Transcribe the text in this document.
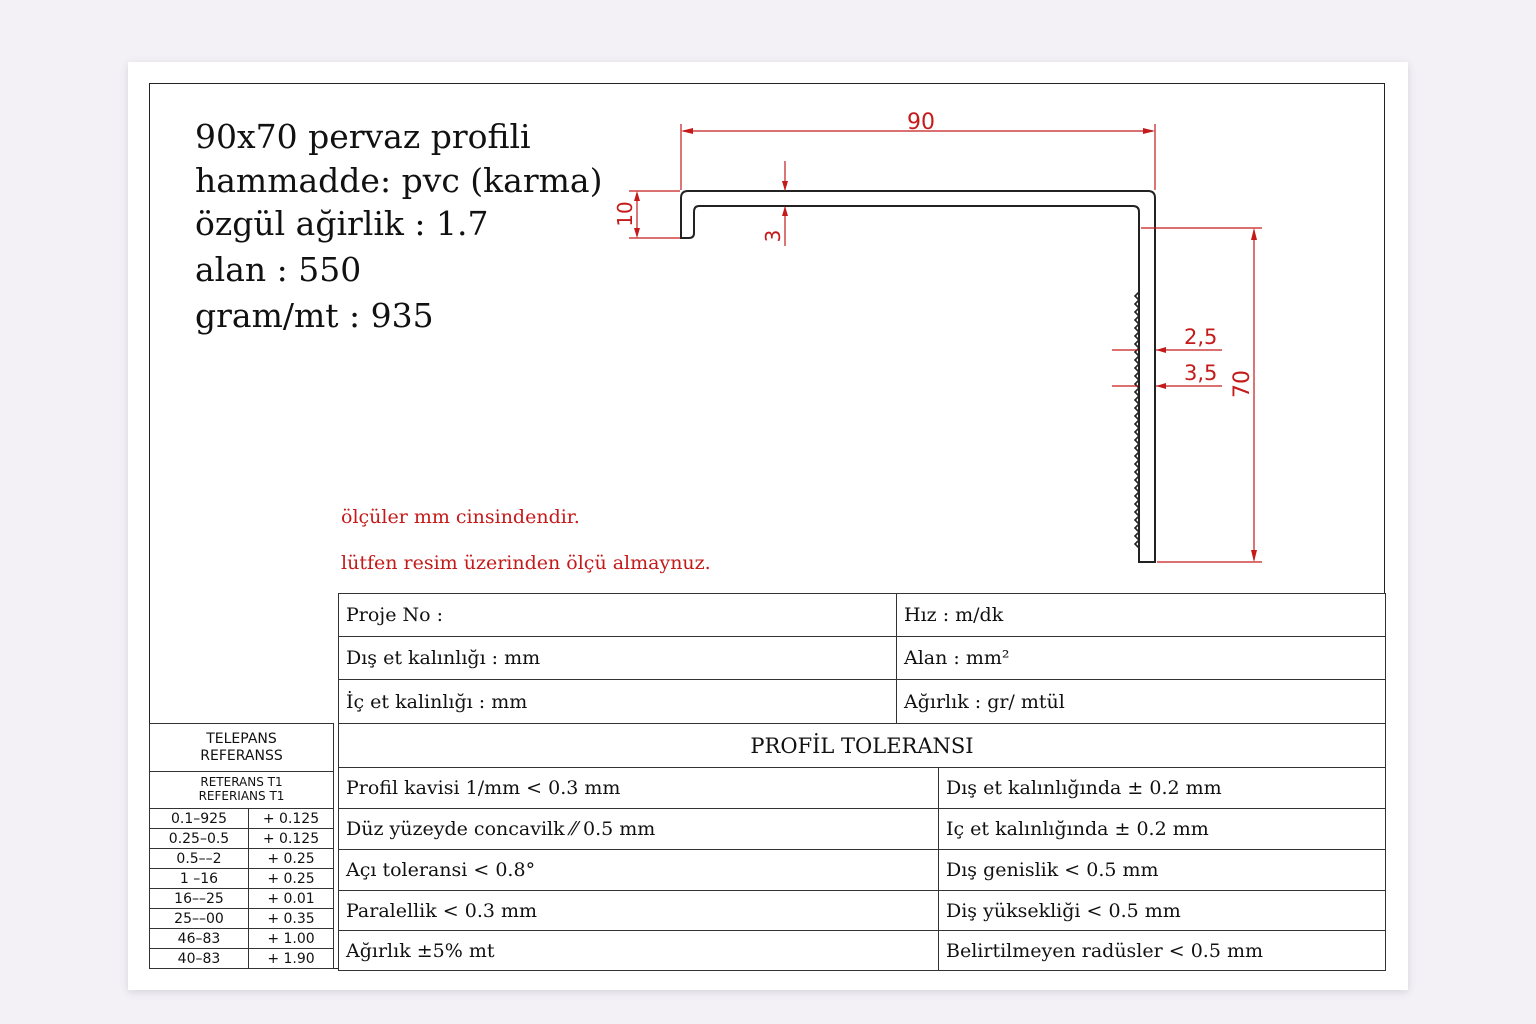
90x70 pervaz profili
hammadde: pvc (karma)
özgül ağirlik : 1.7
alan : 550
gram/mt : 935
ölçüler mm cinsindendir.
lütfen resim üzerinden ölçü almaynuz.
90
10
3
70
2,5
3,5
Proje No :	Hız : m/dk
Dış et kalınlığı : mm	Alan : mm²
İç et kalinlığı : mm	Ağırlık : gr/ mtül
PROFİL TOLERANSI
Profil kavisi 1/mm < 0.3 mm	Dış et kalınlığında ± 0.2 mm
Düz yüzeyde concavilk ⁄⁄ 0.5 mm	Iç et kalınlığında ± 0.2 mm
Açı toleransi < 0.8°	Dış genislik < 0.5 mm
Paralellik < 0.3 mm	Diş yüksekliği < 0.5 mm
Ağırlık ±5% mt	Belirtilmeyen radüsler < 0.5 mm
TELEPANS
REFERANSS
RETERANS T1
REFERIANS T1
0.1–925	+ 0.125
0.25–0.5	+ 0.125
0.5––2	+ 0.25
1 –16	+ 0.25
16––25	+ 0.01
25––00	+ 0.35
46–83	+ 1.00
40–83	+ 1.90
